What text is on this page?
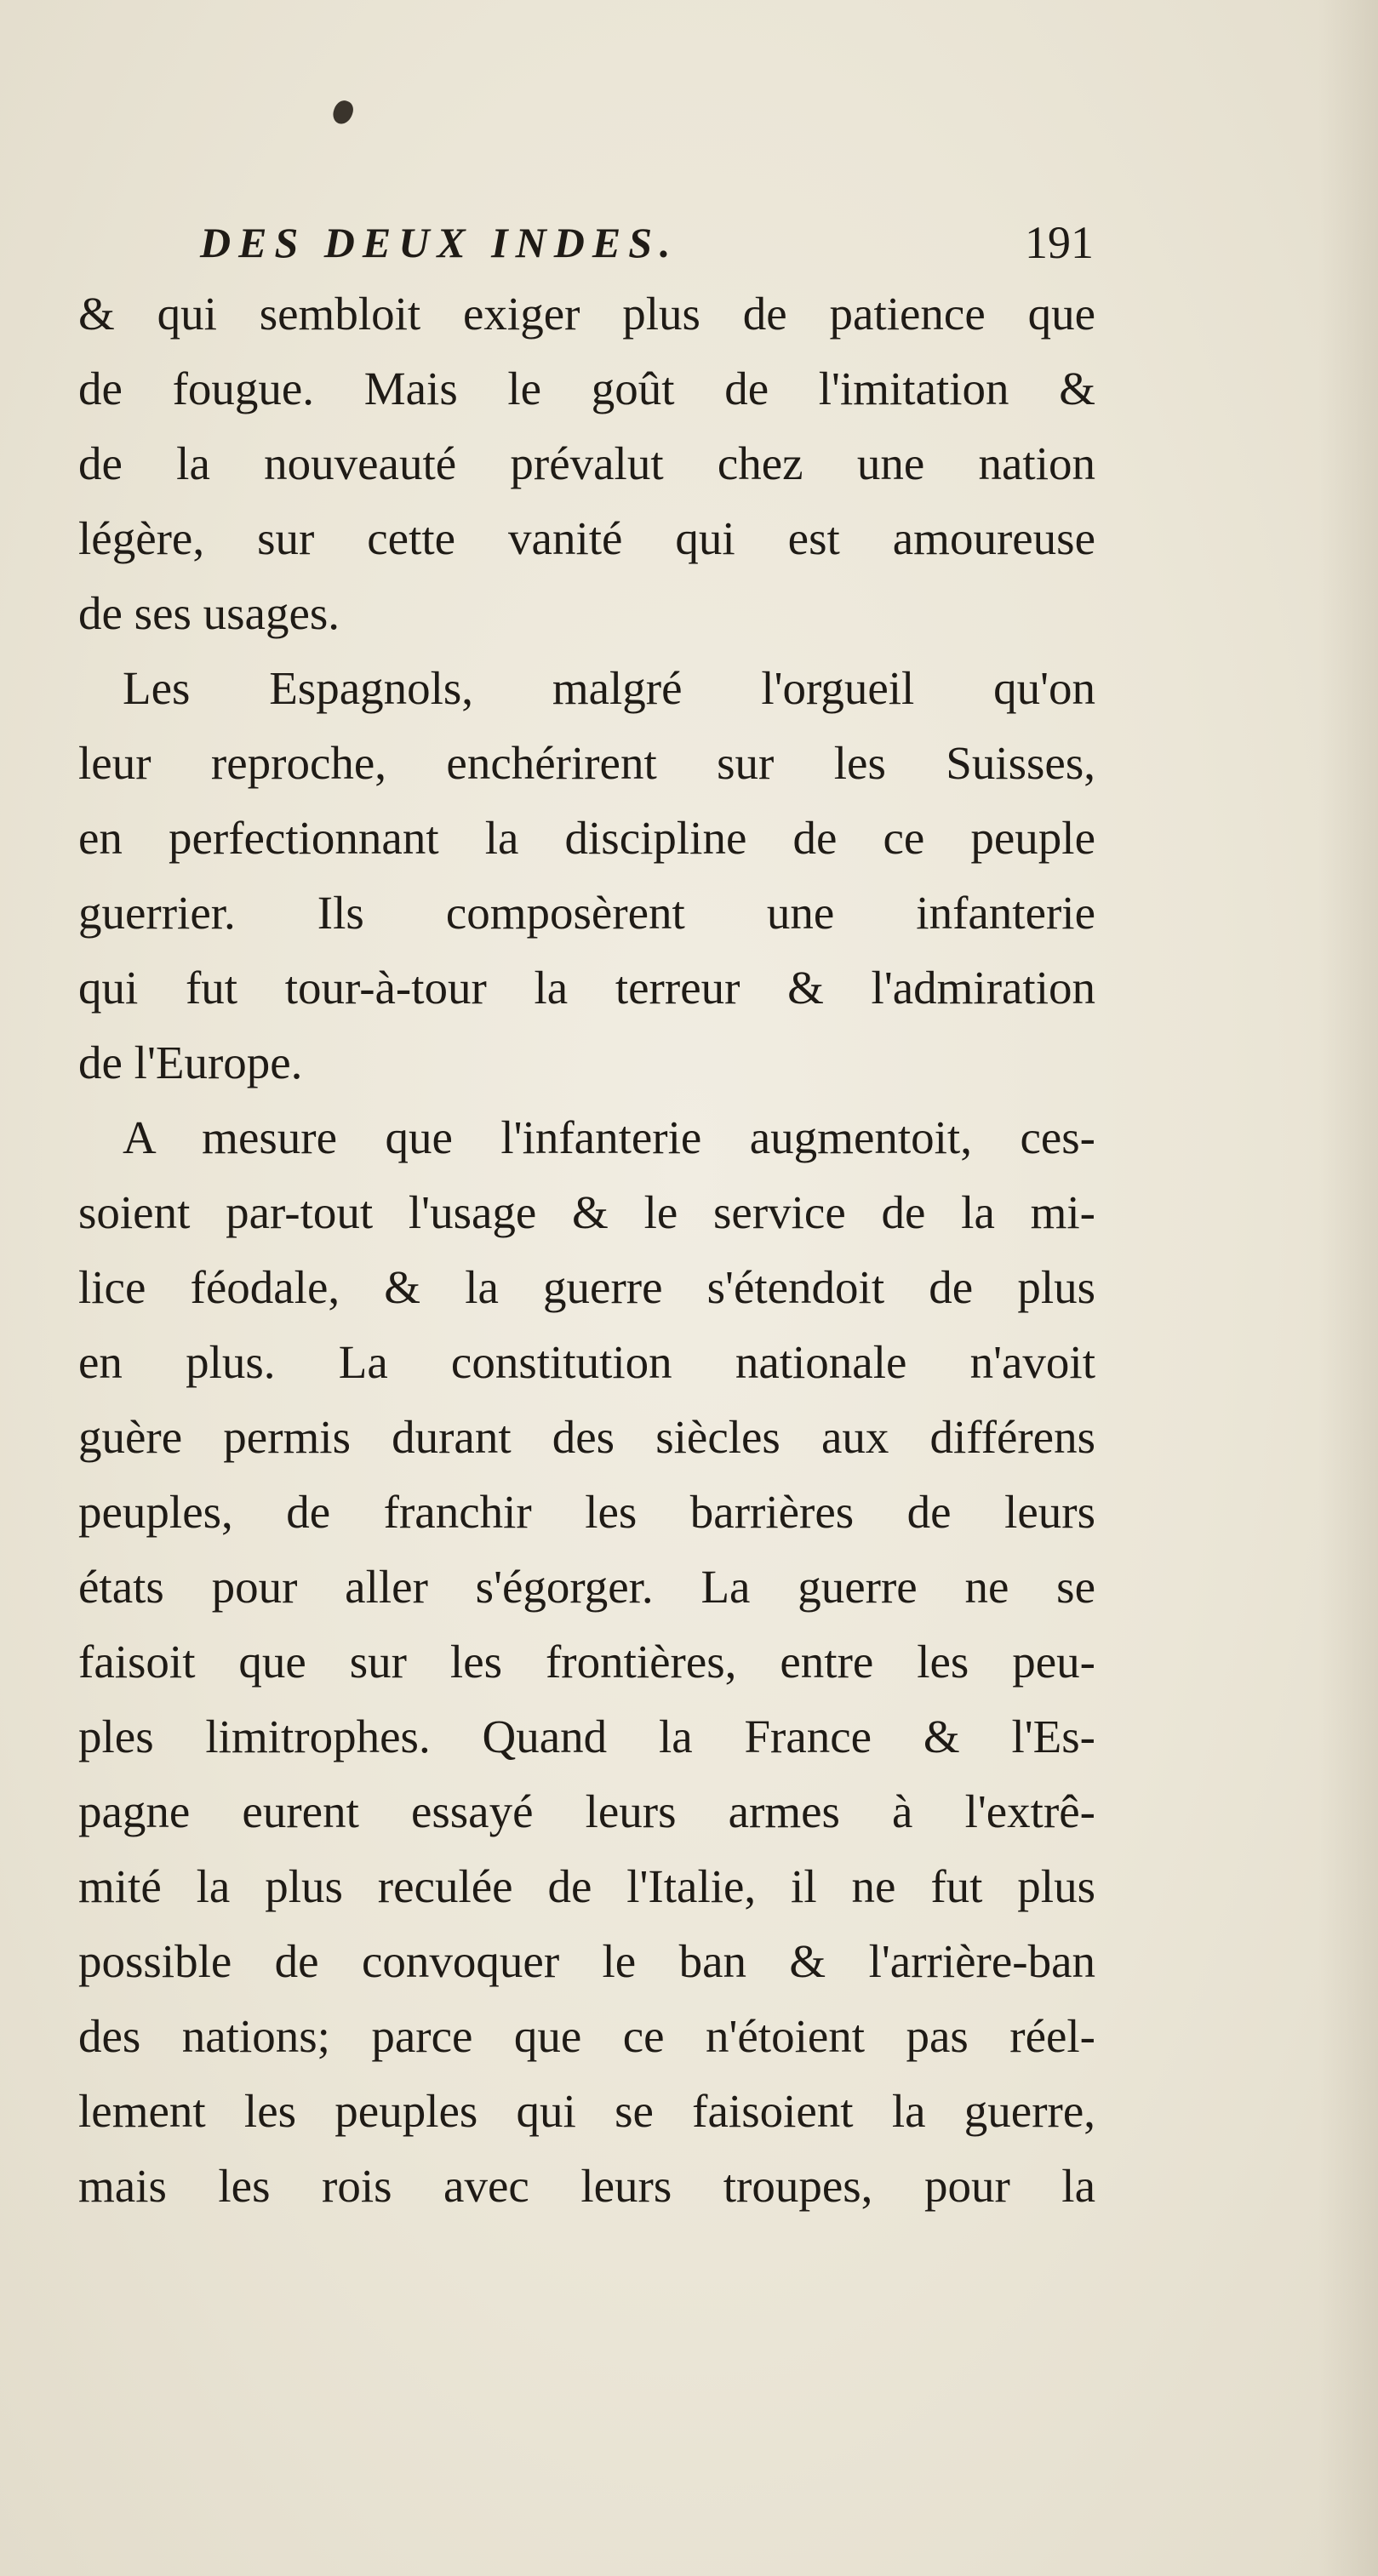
DES DEUX INDES.	191
& qui sembloit exiger plus de patience que
de fougue. Mais le goût de l'imitation &
de la nouveauté prévalut chez une nation
légère, sur cette vanité qui est amoureuse
de ses usages.
Les Espagnols, malgré l'orgueil qu'on
leur reproche, enchérirent sur les Suisses,
en perfectionnant la discipline de ce peuple
guerrier. Ils composèrent une infanterie
qui fut tour-à-tour la terreur & l'admiration
de l'Europe.
A mesure que l'infanterie augmentoit, ces-
soient par-tout l'usage & le service de la mi-
lice féodale, & la guerre s'étendoit de plus
en plus. La constitution nationale n'avoit
guère permis durant des siècles aux différens
peuples, de franchir les barrières de leurs
états pour aller s'égorger. La guerre ne se
faisoit que sur les frontières, entre les peu-
ples limitrophes. Quand la France & l'Es-
pagne eurent essayé leurs armes à l'extrê-
mité la plus reculée de l'Italie, il ne fut plus
possible de convoquer le ban & l'arrière-ban
des nations; parce que ce n'étoient pas réel-
lement les peuples qui se faisoient la guerre,
mais les rois avec leurs troupes, pour la
